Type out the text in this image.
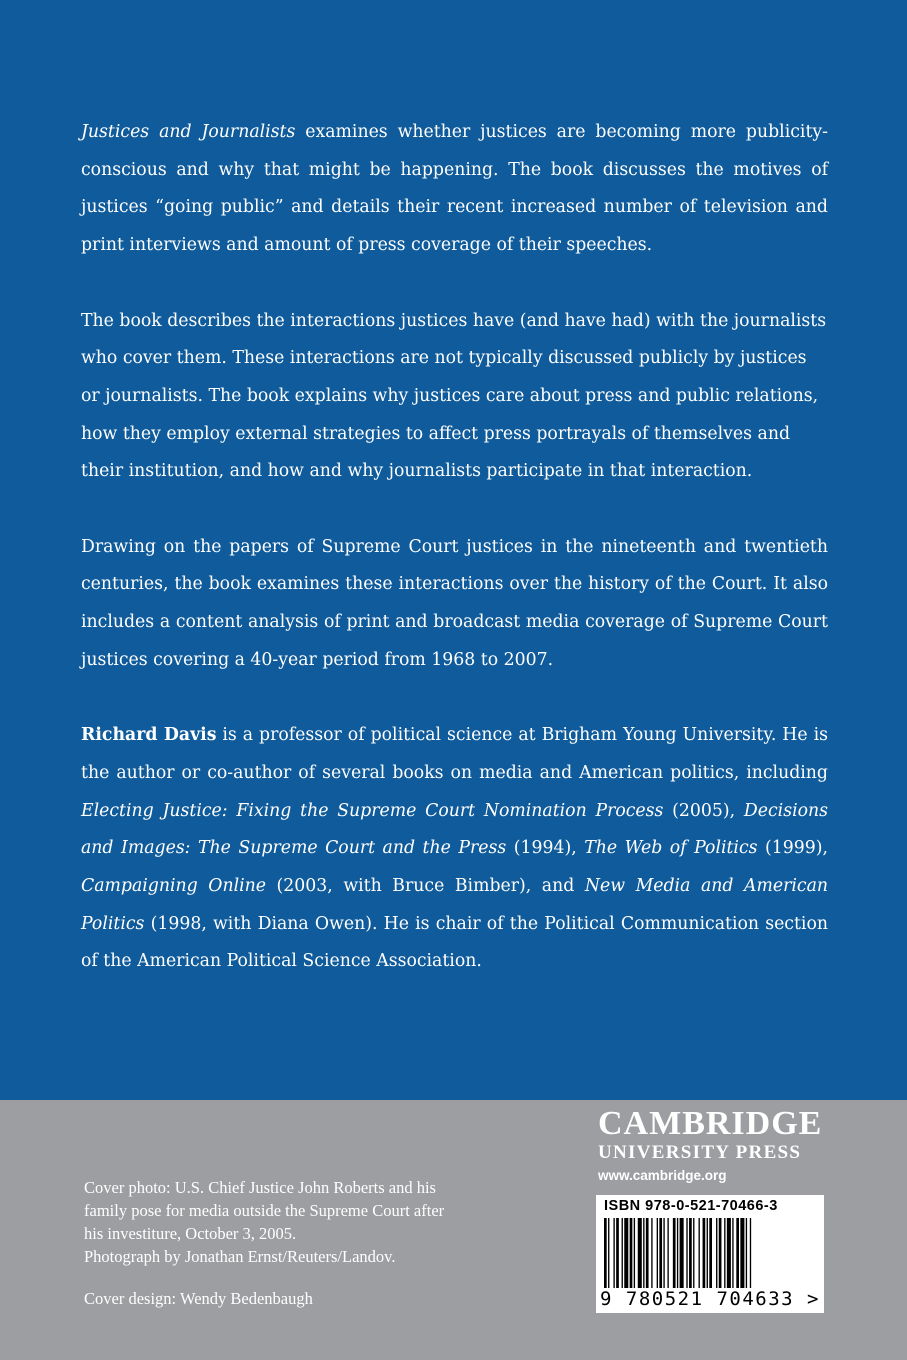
Justices and Journalists examines whether justices are becoming more publicity-conscious and why that might be happening. The book discusses the motives of justices “going public” and details their recent increased number of television and print interviews and amount of press coverage of their speeches.

The book describes the interactions justices have (and have had) with the journalists who cover them. These interactions are not typically discussed publicly by justices or journalists. The book explains why justices care about press and public relations, how they employ external strategies to affect press portrayals of themselves and their institution, and how and why journalists participate in that interaction.

Drawing on the papers of Supreme Court justices in the nineteenth and twentieth centuries, the book examines these interactions over the history of the Court. It also includes a content analysis of print and broadcast media coverage of Supreme Court justices covering a 40-year period from 1968 to 2007.

Richard Davis is a professor of political science at Brigham Young University. He is the author or co-author of several books on media and American politics, including Electing Justice: Fixing the Supreme Court Nomination Process (2005), Decisions and Images: The Supreme Court and the Press (1994), The Web of Politics (1999), Campaigning Online (2003, with Bruce Bimber), and New Media and American Politics (1998, with Diana Owen). He is chair of the Political Communication section of the American Political Science Association.

Cover photo: U.S. Chief Justice John Roberts and his
family pose for media outside the Supreme Court after
his investiture, October 3, 2005.
Photograph by Jonathan Ernst/Reuters/Landov.
Cover design: Wendy Bedenbaugh
CAMBRIDGE
UNIVERSITY PRESS
www.cambridge.org
ISBN 978-0-521-70466-3
9 780521 704633 >
